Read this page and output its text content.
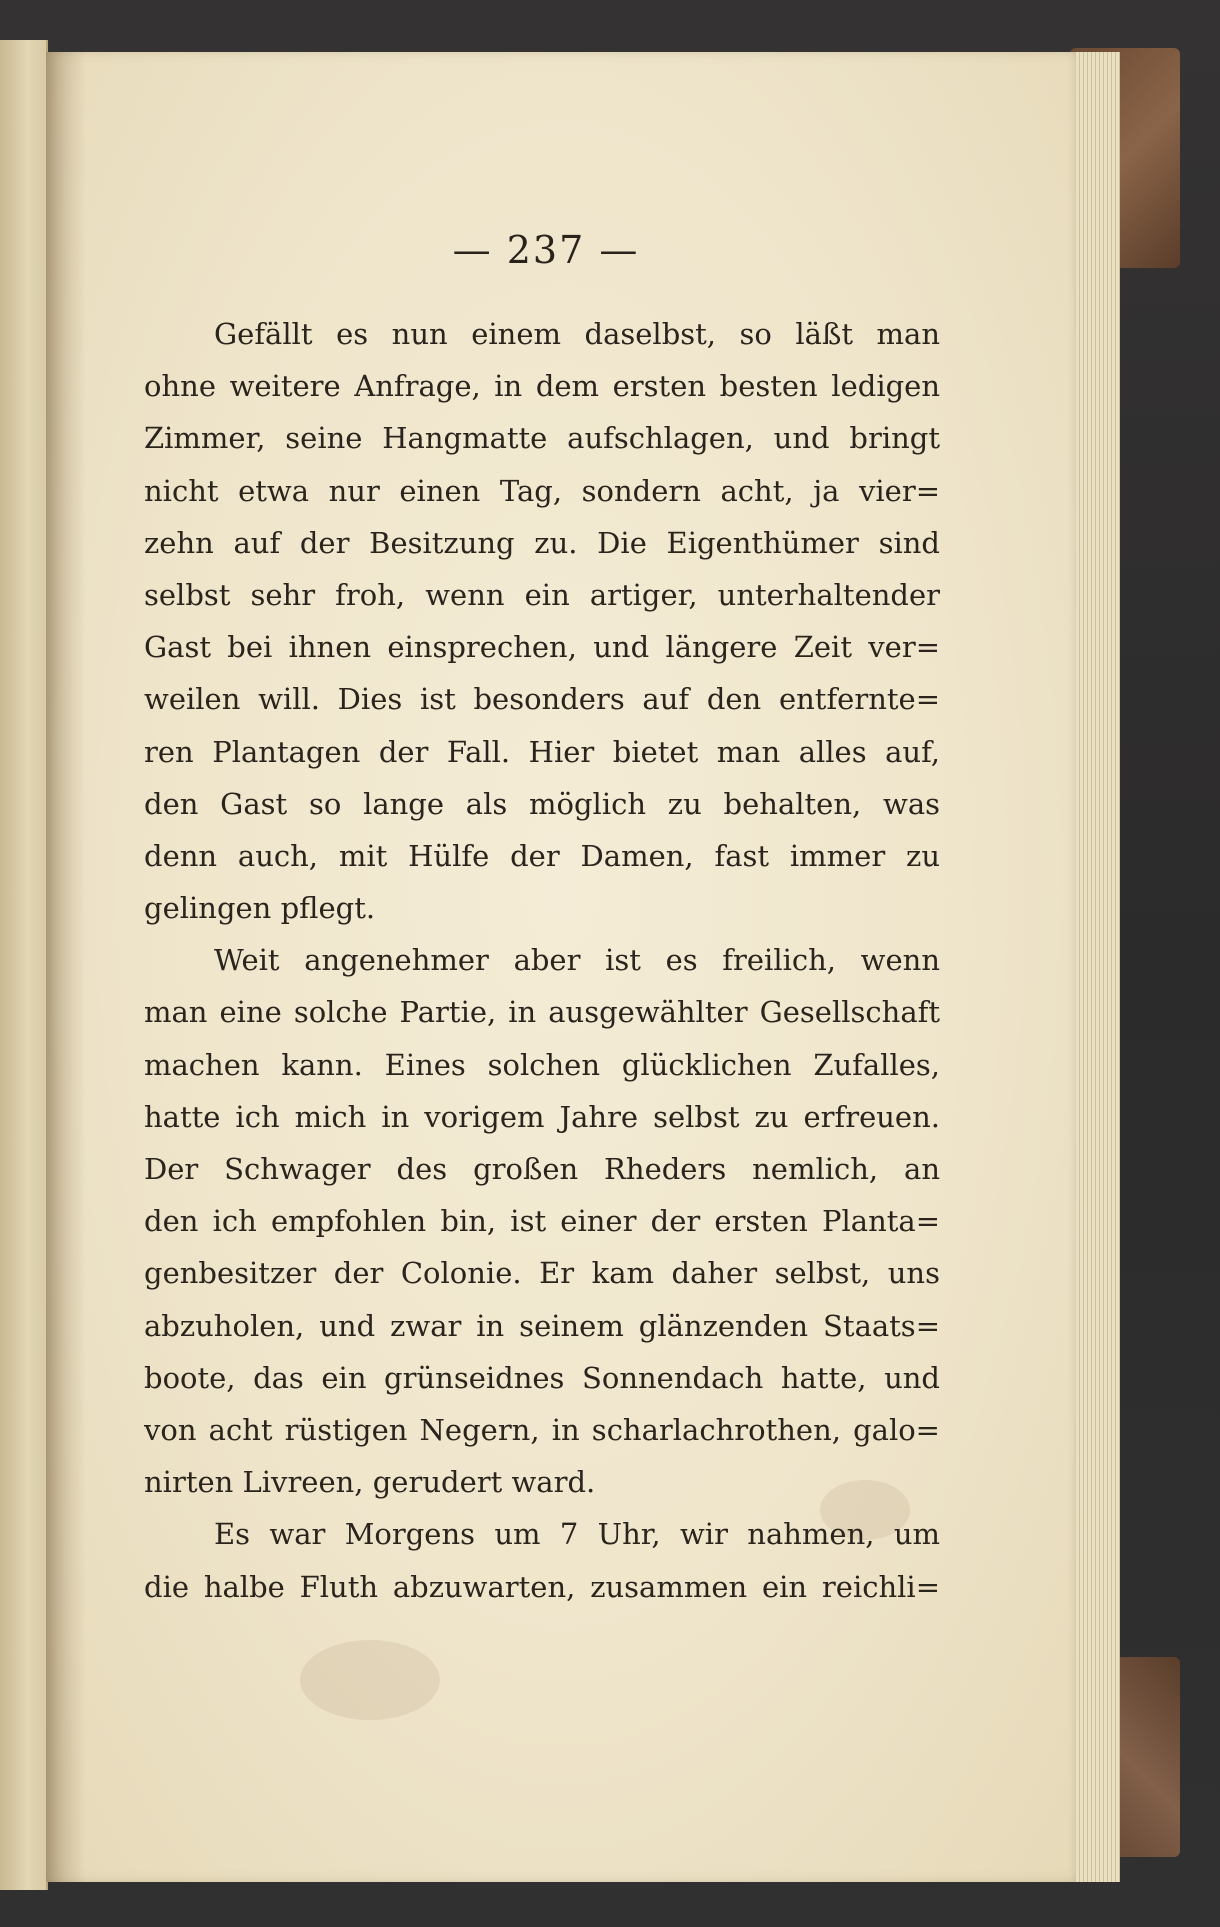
— 237 —
Gefällt es nun einem daselbst, so läßt man
ohne weitere Anfrage, in dem ersten besten ledigen
Zimmer, seine Hangmatte aufschlagen, und bringt
nicht etwa nur einen Tag, sondern acht, ja vier=
zehn auf der Besitzung zu. Die Eigenthümer sind
selbst sehr froh, wenn ein artiger, unterhaltender
Gast bei ihnen einsprechen, und längere Zeit ver=
weilen will. Dies ist besonders auf den entfernte=
ren Plantagen der Fall. Hier bietet man alles auf,
den Gast so lange als möglich zu behalten, was
denn auch, mit Hülfe der Damen, fast immer zu
gelingen pflegt.
Weit angenehmer aber ist es freilich, wenn
man eine solche Partie, in ausgewählter Gesellschaft
machen kann. Eines solchen glücklichen Zufalles,
hatte ich mich in vorigem Jahre selbst zu erfreuen.
Der Schwager des großen Rheders nemlich, an
den ich empfohlen bin, ist einer der ersten Planta=
genbesitzer der Colonie. Er kam daher selbst, uns
abzuholen, und zwar in seinem glänzenden Staats=
boote, das ein grünseidnes Sonnendach hatte, und
von acht rüstigen Negern, in scharlachrothen, galo=
nirten Livreen, gerudert ward.
Es war Morgens um 7 Uhr, wir nahmen, um
die halbe Fluth abzuwarten, zusammen ein reichli=
